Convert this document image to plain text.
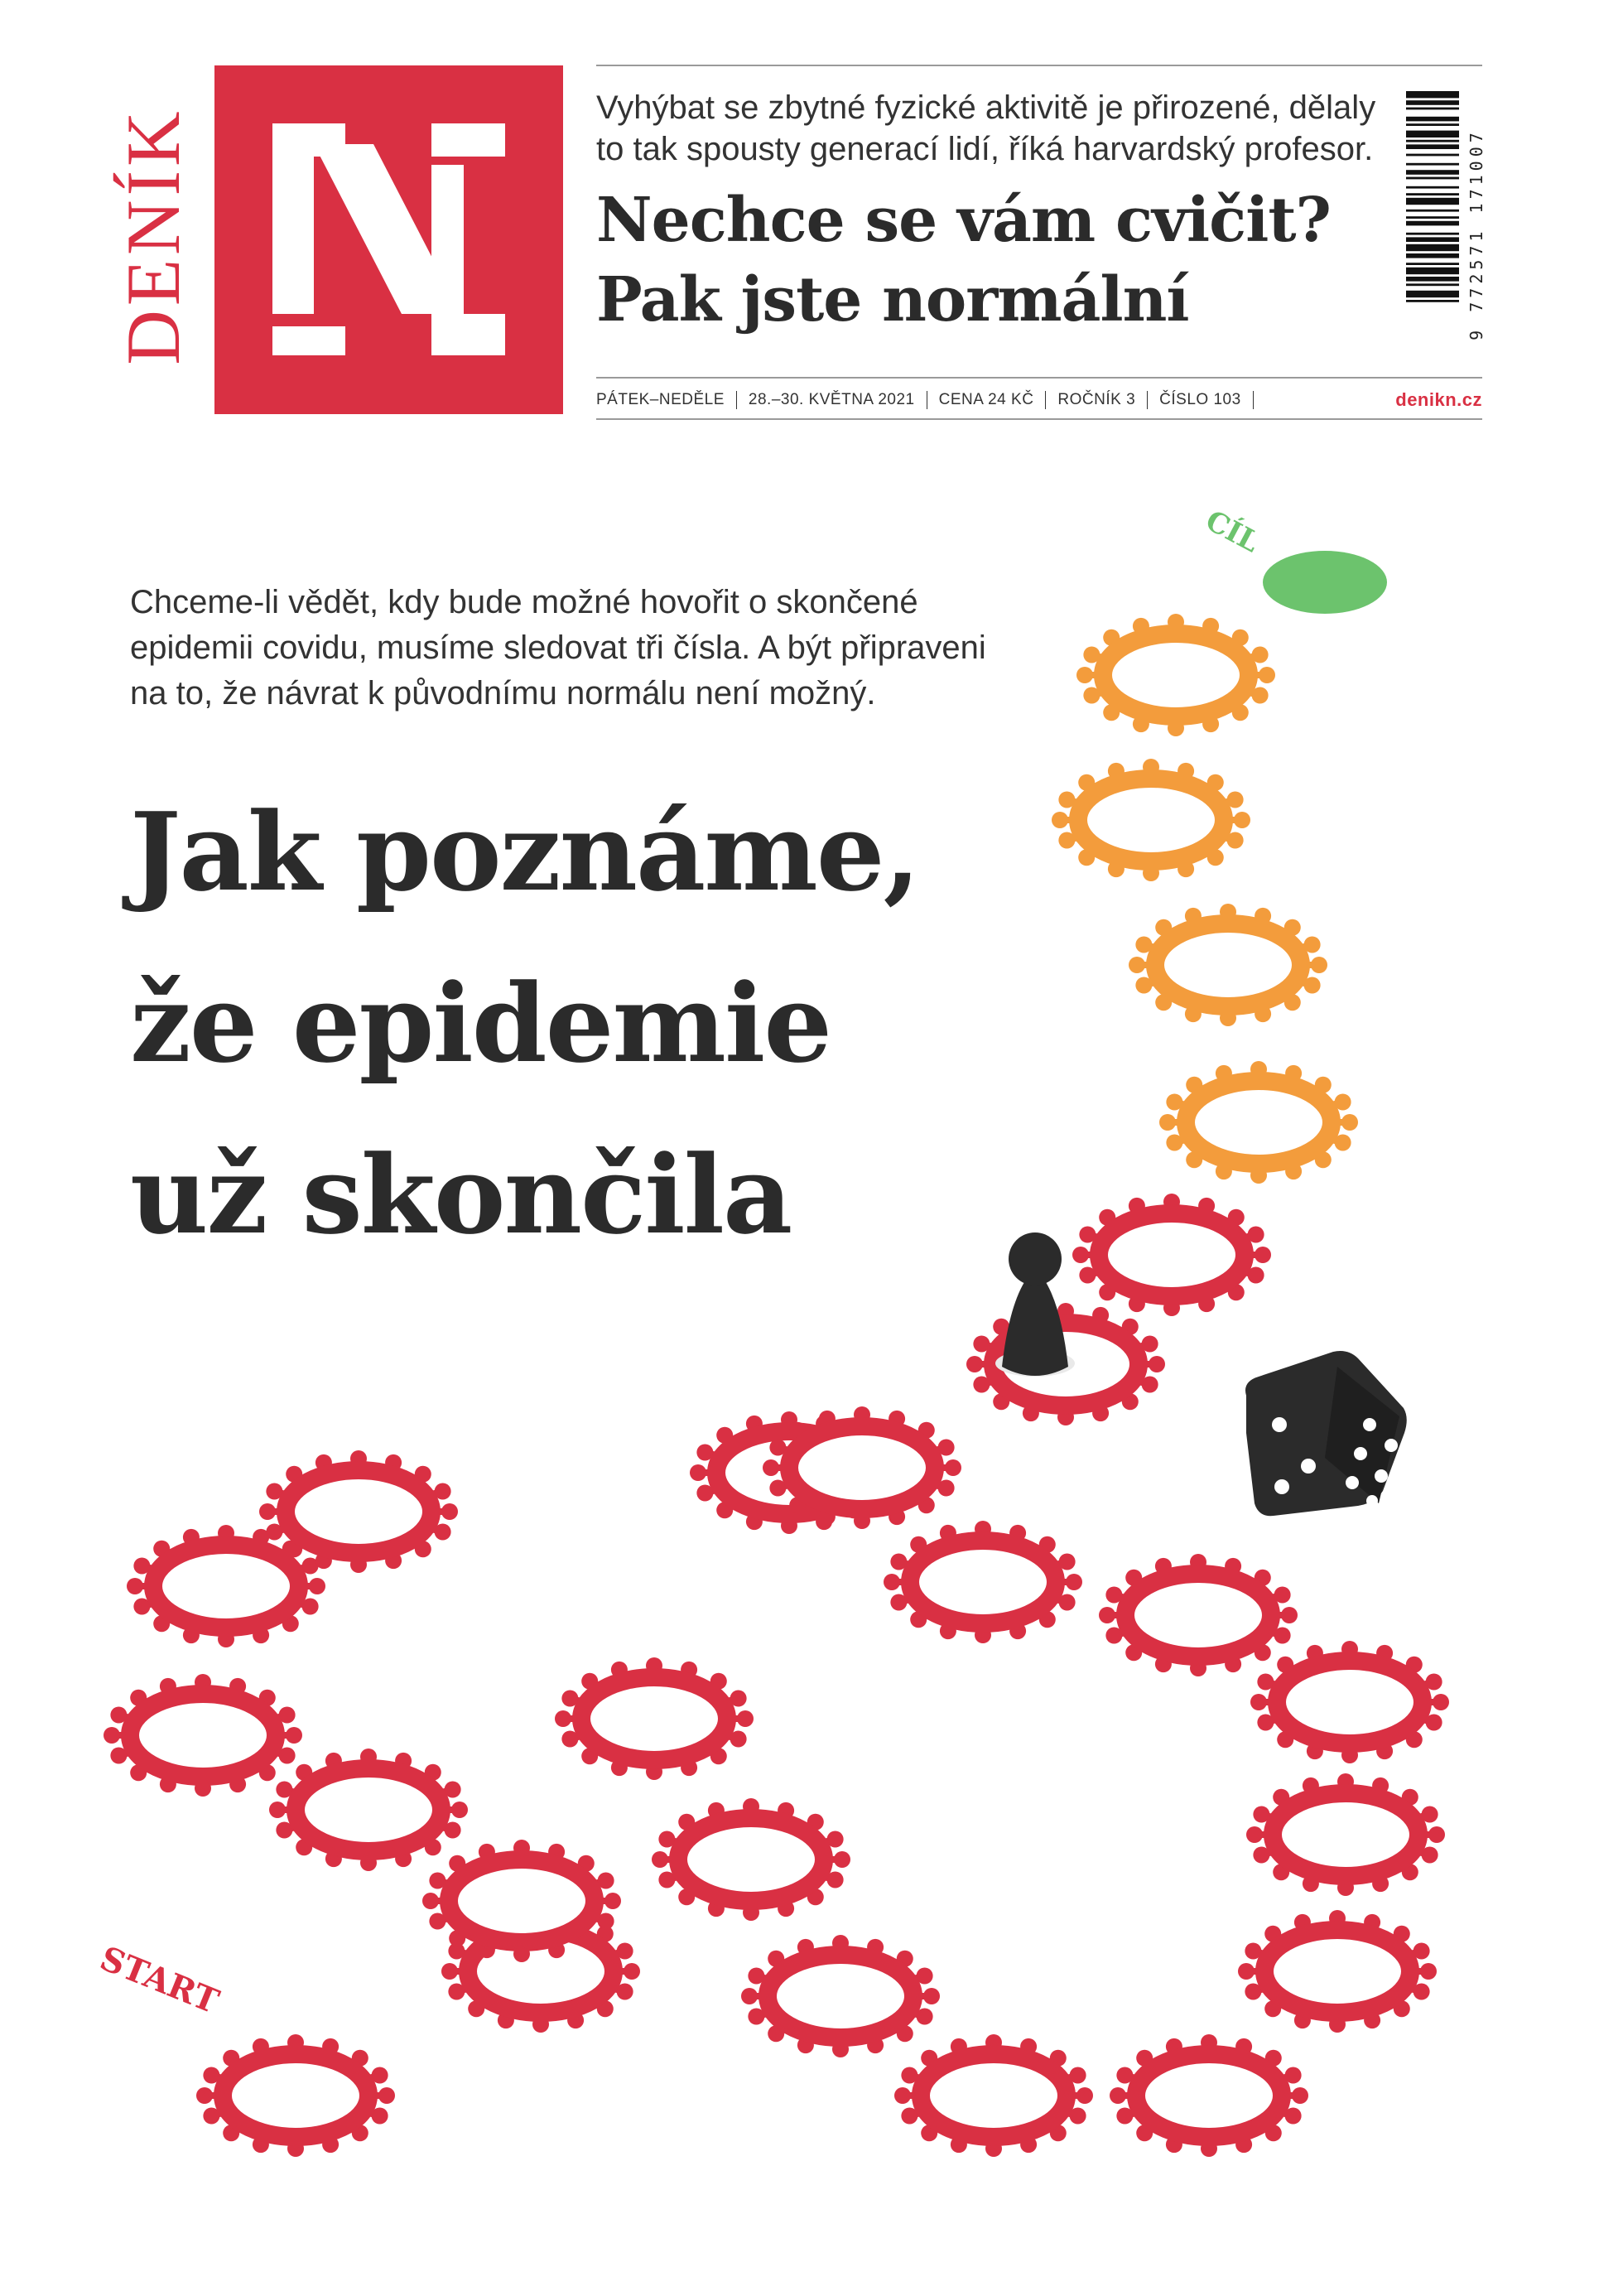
DENÍK	Vyhýbat se zbytné fyzické aktivitě je přirozené, dělaly to tak spousty generací lidí, říká harvardský profesor.
Nechce se vám cvičit?
Pak jste normální	9 772571 171007
PÁTEK–NEDĚLE	28.–30. KVĚTNA 2021	CENA 24 KČ	ROČNÍK 3	ČÍSLO 103	denikn.cz
Chceme-li vědět, kdy bude možné hovořit o skončené epidemii covidu, musíme sledovat tři čísla. A být připraveni na to, že návrat k původnímu normálu není možný.
Jak poznáme,
že epidemie
už skončila
CÍL
START
